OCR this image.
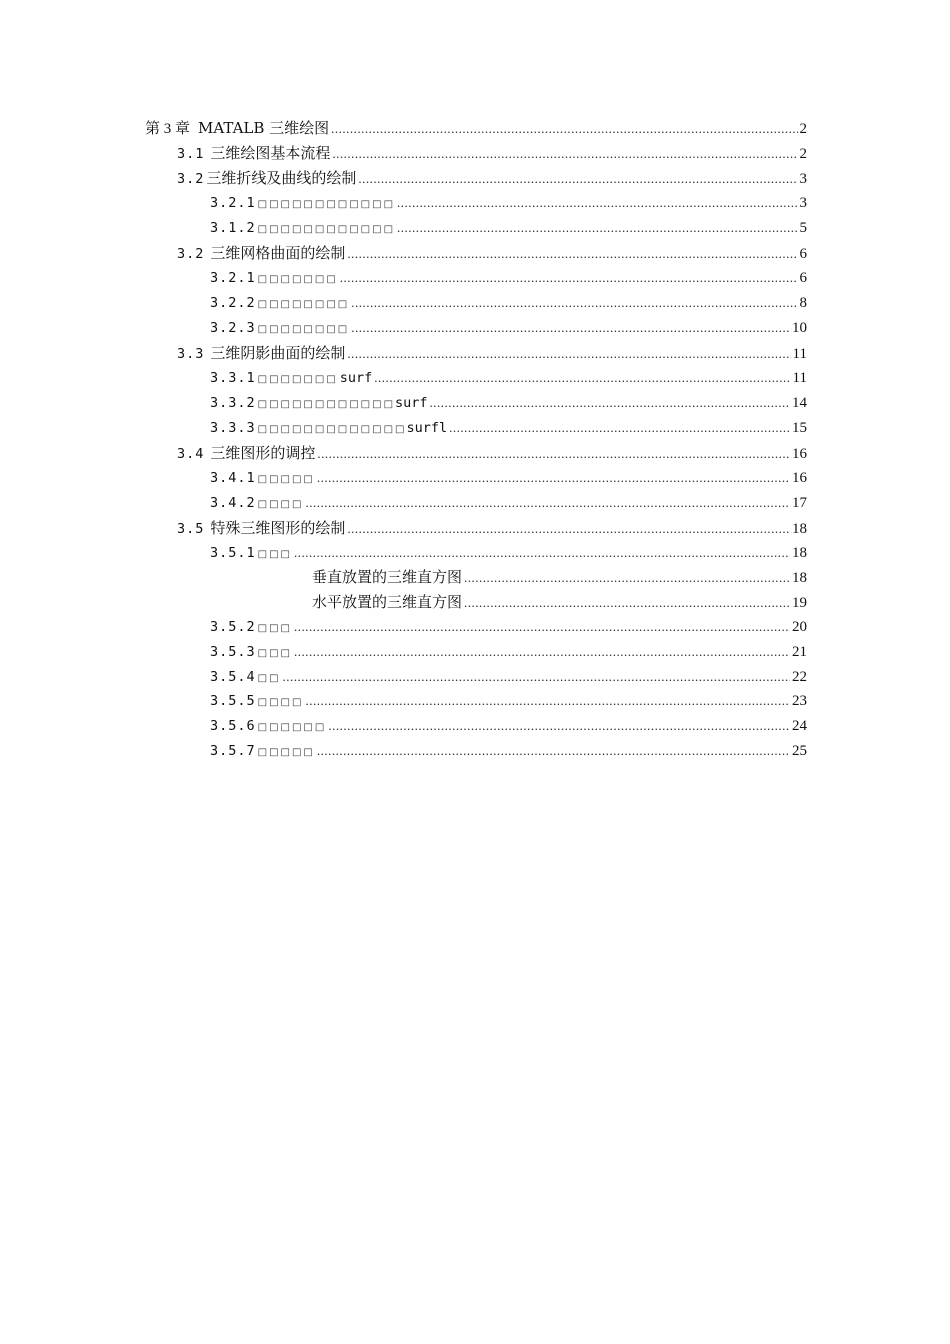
第 3 章 MATALB 三维绘图 .....	2
3.1 三维绘图基本流程 .....	2
3.2 三维折线及曲线的绘制 .....	3
3.2.1 □□□□□□□□□□□□ .....	3
3.1.2 □□□□□□□□□□□□ .....	5
3.2 三维网格曲面的绘制 .....	6
3.2.1 □□□□□□□ .....	6
3.2.2 □□□□□□□□ .....	8
3.2.3 □□□□□□□□ .....	10
3.3 三维阴影曲面的绘制 .....	11
3.3.1 □□□□□□□ surf .....	11
3.3.2 □□□□□□□□□□□□ surf .....	14
3.3.3 □□□□□□□□□□□□□ surfl .....	15
3.4 三维图形的调控 .....	16
3.4.1 □□□□□ .....	16
3.4.2 □□□□ .....	17
3.5 特殊三维图形的绘制 .....	18
3.5.1 □□□ .....	18
垂直放置的三维直方图 .....	18
水平放置的三维直方图 .....	19
3.5.2 □□□ .....	20
3.5.3 □□□ .....	21
3.5.4 □□ .....	22
3.5.5 □□□□ .....	23
3.5.6 □□□□□□ .....	24
3.5.7 □□□□□ .....	25
